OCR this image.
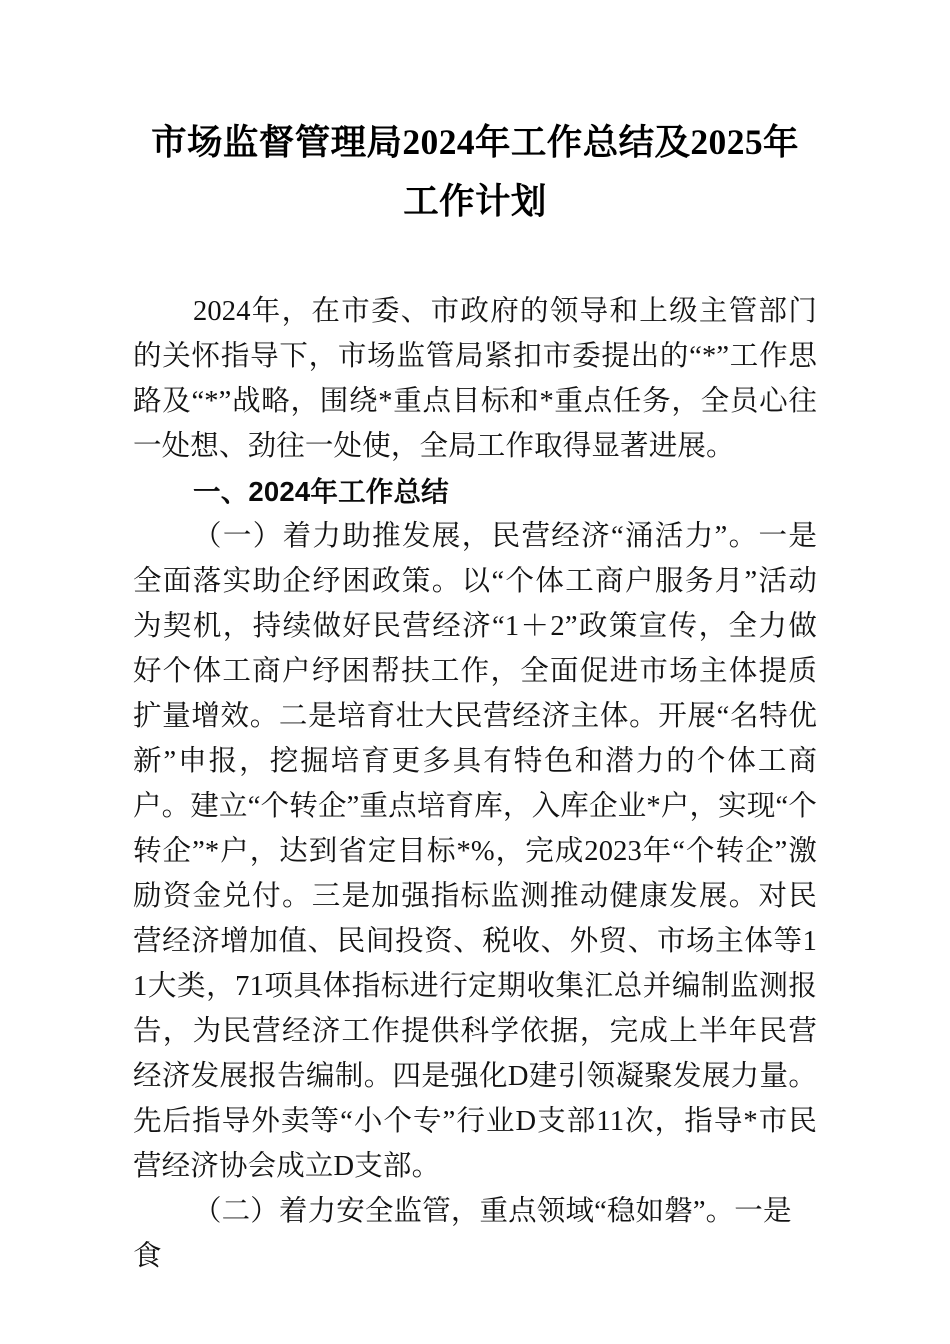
市场监督管理局2024年工作总结及2025年
工作计划

2024年，在市委、市政府的领导和上级主管部门的关怀指导下，市场监管局紧扣市委提出的“*”工作思路及“*”战略，围绕*重点目标和*重点任务，全员心往一处想、劲往一处使，全局工作取得显著进展。

一、2024年工作总结

（一）着力助推发展，民营经济“涌活力”。一是全面落实助企纾困政策。以“个体工商户服务月”活动为契机，持续做好民营经济“1＋2”政策宣传，全力做好个体工商户纾困帮扶工作，全面促进市场主体提质扩量增效。二是培育壮大民营经济主体。开展“名特优新”申报，挖掘培育更多具有特色和潜力的个体工商户。建立“个转企”重点培育库，入库企业*户，实现“个转企”*户，达到省定目标*%，完成2023年“个转企”激励资金兑付。三是加强指标监测推动健康发展。对民营经济增加值、民间投资、税收、外贸、市场主体等11大类，71项具体指标进行定期收集汇总并编制监测报告，为民营经济工作提供科学依据，完成上半年民营经济发展报告编制。四是强化D建引领凝聚发展力量。先后指导外卖等“小个专”行业D支部11次，指导*市民营经济协会成立D支部。

（二）着力安全监管，重点领域“稳如磐”。一是食
